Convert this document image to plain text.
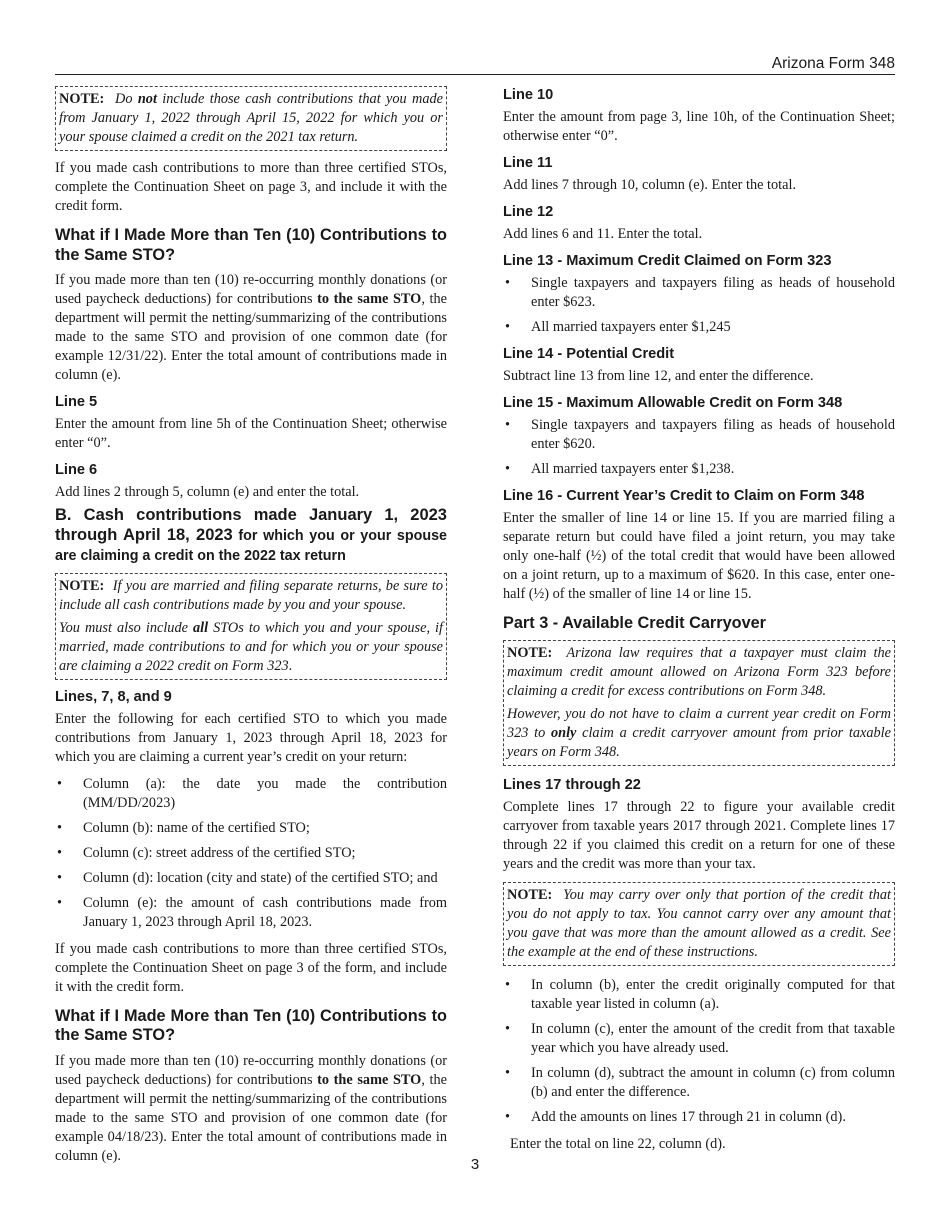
Arizona Form 348

NOTE: Do not include those cash contributions that you made from January 1, 2022 through April 15, 2022 for which you or your spouse claimed a credit on the 2021 tax return.

If you made cash contributions to more than three certified STOs, complete the Continuation Sheet on page 3, and include it with the credit form.

What if I Made More than Ten (10) Contributions to the Same STO?

If you made more than ten (10) re-occurring monthly donations (or used paycheck deductions) for contributions to the same STO, the department will permit the netting/summarizing of the contributions made to the same STO and provision of one common date (for example 12/31/22). Enter the total amount of contributions made in column (e).

Line 5

Enter the amount from line 5h of the Continuation Sheet; otherwise enter “0”.

Line 6

Add lines 2 through 5, column (e) and enter the total.

B. Cash contributions made January 1, 2023 through April 18, 2023 for which you or your spouse are claiming a credit on the 2022 tax return

NOTE: If you are married and filing separate returns, be sure to include all cash contributions made by you and your spouse.

You must also include all STOs to which you and your spouse, if married, made contributions to and for which you or your spouse are claiming a 2022 credit on Form 323.

Lines, 7, 8, and 9

Enter the following for each certified STO to which you made contributions from January 1, 2023 through April 18, 2023 for which you are claiming a current year’s credit on your return:

• Column (a): the date you made the contribution (MM/DD/2023)
• Column (b): name of the certified STO;
• Column (c): street address of the certified STO;
• Column (d): location (city and state) of the certified STO; and
• Column (e): the amount of cash contributions made from January 1, 2023 through April 18, 2023.

If you made cash contributions to more than three certified STOs, complete the Continuation Sheet on page 3 of the form, and include it with the credit form.

What if I Made More than Ten (10) Contributions to the Same STO?

If you made more than ten (10) re-occurring monthly donations (or used paycheck deductions) for contributions to the same STO, the department will permit the netting/summarizing of the contributions made to the same STO and provision of one common date (for example 04/18/23). Enter the total amount of contributions made in column (e).

Line 10

Enter the amount from page 3, line 10h, of the Continuation Sheet; otherwise enter “0”.

Line 11

Add lines 7 through 10, column (e). Enter the total.

Line 12

Add lines 6 and 11. Enter the total.

Line 13 - Maximum Credit Claimed on Form 323
• Single taxpayers and taxpayers filing as heads of household enter $623.
• All married taxpayers enter $1,245
Line 14 - Potential Credit

Subtract line 13 from line 12, and enter the difference.

Line 15 - Maximum Allowable Credit on Form 348
• Single taxpayers and taxpayers filing as heads of household enter $620.
• All married taxpayers enter $1,238.
Line 16 - Current Year’s Credit to Claim on Form 348

Enter the smaller of line 14 or line 15. If you are married filing a separate return but could have filed a joint return, you may take only one-half (½) of the total credit that would have been allowed on a joint return, up to a maximum of $620. In this case, enter one-half (½) of the smaller of line 14 or line 15.

Part 3 - Available Credit Carryover

NOTE: Arizona law requires that a taxpayer must claim the maximum credit amount allowed on Arizona Form 323 before claiming a credit for excess contributions on Form 348.

However, you do not have to claim a current year credit on Form 323 to only claim a credit carryover amount from prior taxable years on Form 348.

Lines 17 through 22

Complete lines 17 through 22 to figure your available credit carryover from taxable years 2017 through 2021. Complete lines 17 through 22 if you claimed this credit on a return for one of these years and the credit was more than your tax.

NOTE: You may carry over only that portion of the credit that you do not apply to tax. You cannot carry over any amount that you gave that was more than the amount allowed as a credit. See the example at the end of these instructions.

• In column (b), enter the credit originally computed for that taxable year listed in column (a).
• In column (c), enter the amount of the credit from that taxable year which you have already used.
• In column (d), subtract the amount in column (c) from column (b) and enter the difference.
• Add the amounts on lines 17 through 21 in column (d).

Enter the total on line 22, column (d).

3
